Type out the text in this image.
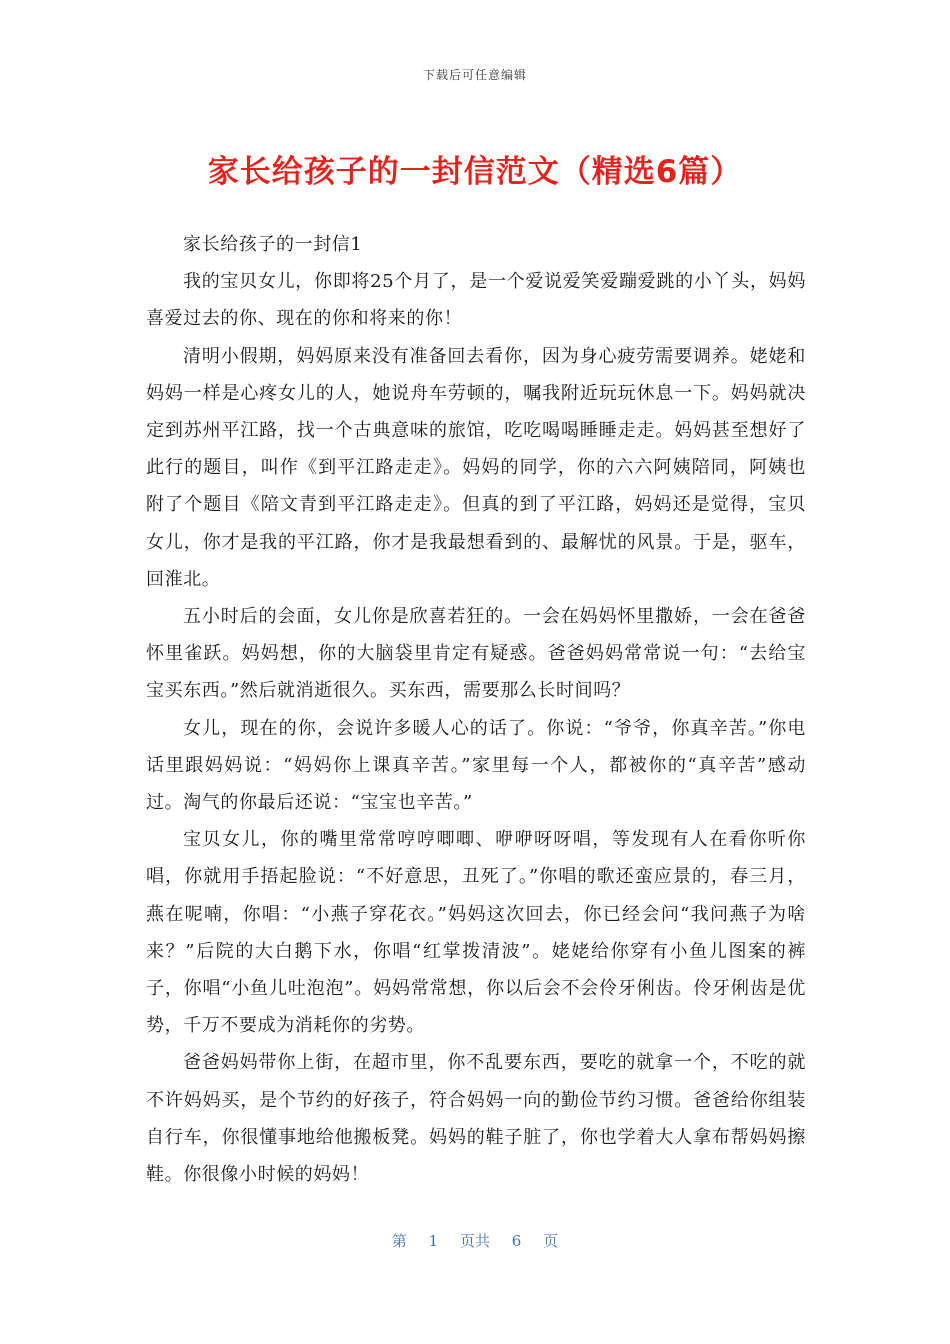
下载后可任意编辑
家长给孩子的一封信范文（精选6篇）

家长给孩子的一封信1

我的宝贝女儿，你即将25个月了，是一个爱说爱笑爱蹦爱跳的小丫头，妈妈喜爱过去的你、现在的你和将来的你！

清明小假期，妈妈原来没有准备回去看你，因为身心疲劳需要调养。姥姥和妈妈一样是心疼女儿的人，她说舟车劳顿的，嘱我附近玩玩休息一下。妈妈就决定到苏州平江路，找一个古典意味的旅馆，吃吃喝喝睡睡走走。妈妈甚至想好了此行的题目，叫作《到平江路走走》。妈妈的同学，你的六六阿姨陪同，阿姨也附了个题目《陪文青到平江路走走》。但真的到了平江路，妈妈还是觉得，宝贝女儿，你才是我的平江路，你才是我最想看到的、最解忧的风景。于是，驱车，回淮北。

五小时后的会面，女儿你是欣喜若狂的。一会在妈妈怀里撒娇，一会在爸爸怀里雀跃。妈妈想，你的大脑袋里肯定有疑惑。爸爸妈妈常常说一句：“去给宝宝买东西。”然后就消逝很久。买东西，需要那么长时间吗？

女儿，现在的你，会说许多暖人心的话了。你说：“爷爷，你真辛苦。”你电话里跟妈妈说：“妈妈你上课真辛苦。”家里每一个人，都被你的“真辛苦”感动过。淘气的你最后还说：“宝宝也辛苦。”

宝贝女儿，你的嘴里常常哼哼唧唧、咿咿呀呀唱，等发现有人在看你听你唱，你就用手捂起脸说：“不好意思，丑死了。”你唱的歌还蛮应景的，春三月，燕在呢喃，你唱：“小燕子穿花衣。”妈妈这次回去，你已经会问“我问燕子为啥来？”后院的大白鹅下水，你唱“红掌拨清波”。姥姥给你穿有小鱼儿图案的裤子，你唱“小鱼儿吐泡泡”。妈妈常常想，你以后会不会伶牙俐齿。伶牙俐齿是优势，千万不要成为消耗你的劣势。

爸爸妈妈带你上街，在超市里，你不乱要东西，要吃的就拿一个，不吃的就不许妈妈买，是个节约的好孩子，符合妈妈一向的勤俭节约习惯。爸爸给你组装自行车，你很懂事地给他搬板凳。妈妈的鞋子脏了，你也学着大人拿布帮妈妈擦鞋。你很像小时候的妈妈！

第 1 页共 6 页
